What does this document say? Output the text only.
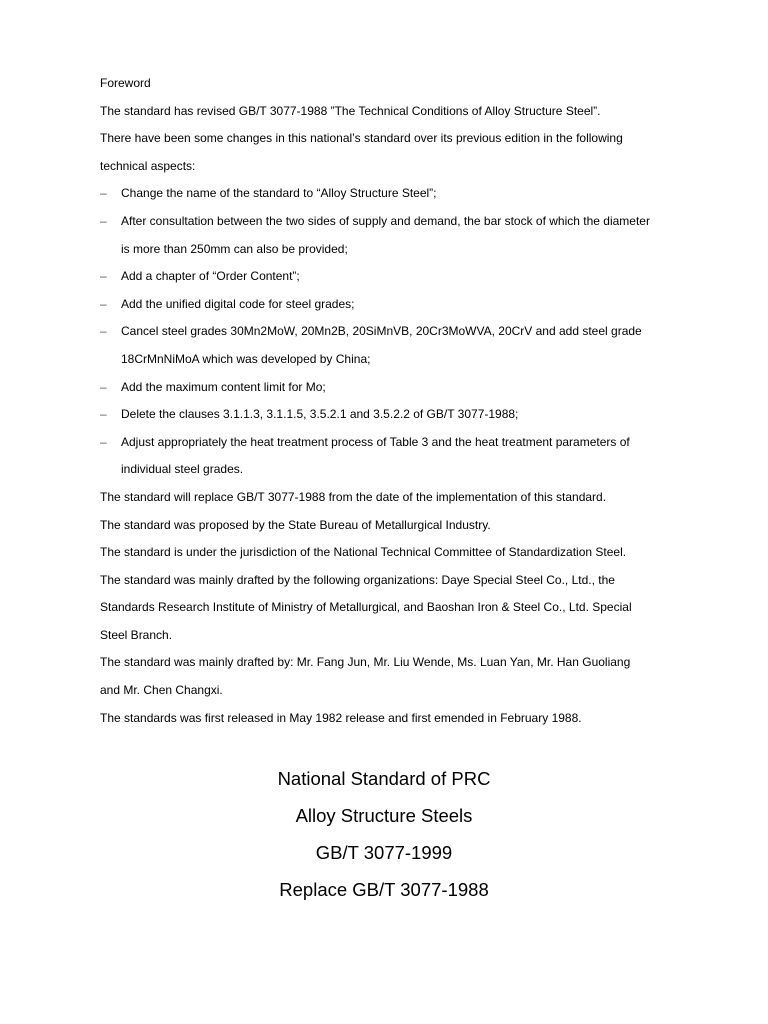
Foreword

The standard has revised GB/T 3077-1988 ”The Technical Conditions of Alloy Structure Steel”.

There have been some changes in this national’s standard over its previous edition in the following

technical aspects:

– Change the name of the standard to “Alloy Structure Steel”;
– After consultation between the two sides of supply and demand, the bar stock of which the diameter
is more than 250mm can also be provided;
– Add a chapter of “Order Content”;
– Add the unified digital code for steel grades;
– Cancel steel grades 30Mn2MoW, 20Mn2B, 20SiMnVB, 20Cr3MoWVA, 20CrV and add steel grade
18CrMnNiMoA which was developed by China;
– Add the maximum content limit for Mo;
– Delete the clauses 3.1.1.3, 3.1.1.5, 3.5.2.1 and 3.5.2.2 of GB/T 3077-1988;
– Adjust appropriately the heat treatment process of Table 3 and the heat treatment parameters of
individual steel grades.

The standard will replace GB/T 3077-1988 from the date of the implementation of this standard.

The standard was proposed by the State Bureau of Metallurgical Industry.

The standard is under the jurisdiction of the National Technical Committee of Standardization Steel.

The standard was mainly drafted by the following organizations: Daye Special Steel Co., Ltd., the

Standards Research Institute of Ministry of Metallurgical, and Baoshan Iron & Steel Co., Ltd. Special

Steel Branch.

The standard was mainly drafted by: Mr. Fang Jun, Mr. Liu Wende, Ms. Luan Yan, Mr. Han Guoliang

and Mr. Chen Changxi.

The standards was first released in May 1982 release and first emended in February 1988.

National Standard of PRC
Alloy Structure Steels
GB/T 3077-1999
Replace GB/T 3077-1988
